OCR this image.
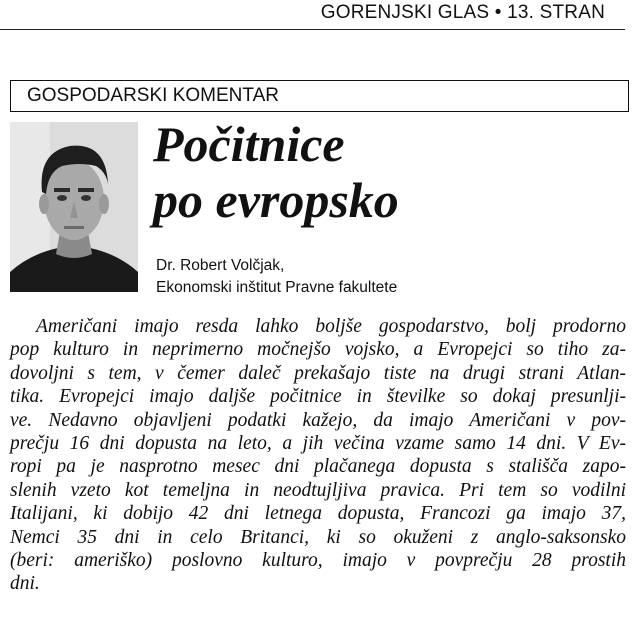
GORENJSKI GLAS • 13. STRAN
GOSPODARSKI KOMENTAR
Počitnice
po evropsko
Dr. Robert Volčjak,
Ekonomski inštitut Pravne fakultete
Američani imajo resda lahko boljše gospodarstvo, bolj prodorno
pop kulturo in neprimerno močnejšo vojsko, a Evropejci so tiho za-
dovoljni s tem, v čemer daleč prekašajo tiste na drugi strani Atlan-
tika. Evropejci imajo daljše počitnice in številke so dokaj presunlji-
ve. Nedavno objavljeni podatki kažejo, da imajo Američani v pov-
prečju 16 dni dopusta na leto, a jih večina vzame samo 14 dni. V Ev-
ropi pa je nasprotno mesec dni plačanega dopusta s stališča zapo-
slenih vzeto kot temeljna in neodtujljiva pravica. Pri tem so vodilni
Italijani, ki dobijo 42 dni letnega dopusta, Francozi ga imajo 37,
Nemci 35 dni in celo Britanci, ki so okuženi z anglo-saksonsko
(beri: ameriško) poslovno kulturo, imajo v povprečju 28 prostih
dni.
